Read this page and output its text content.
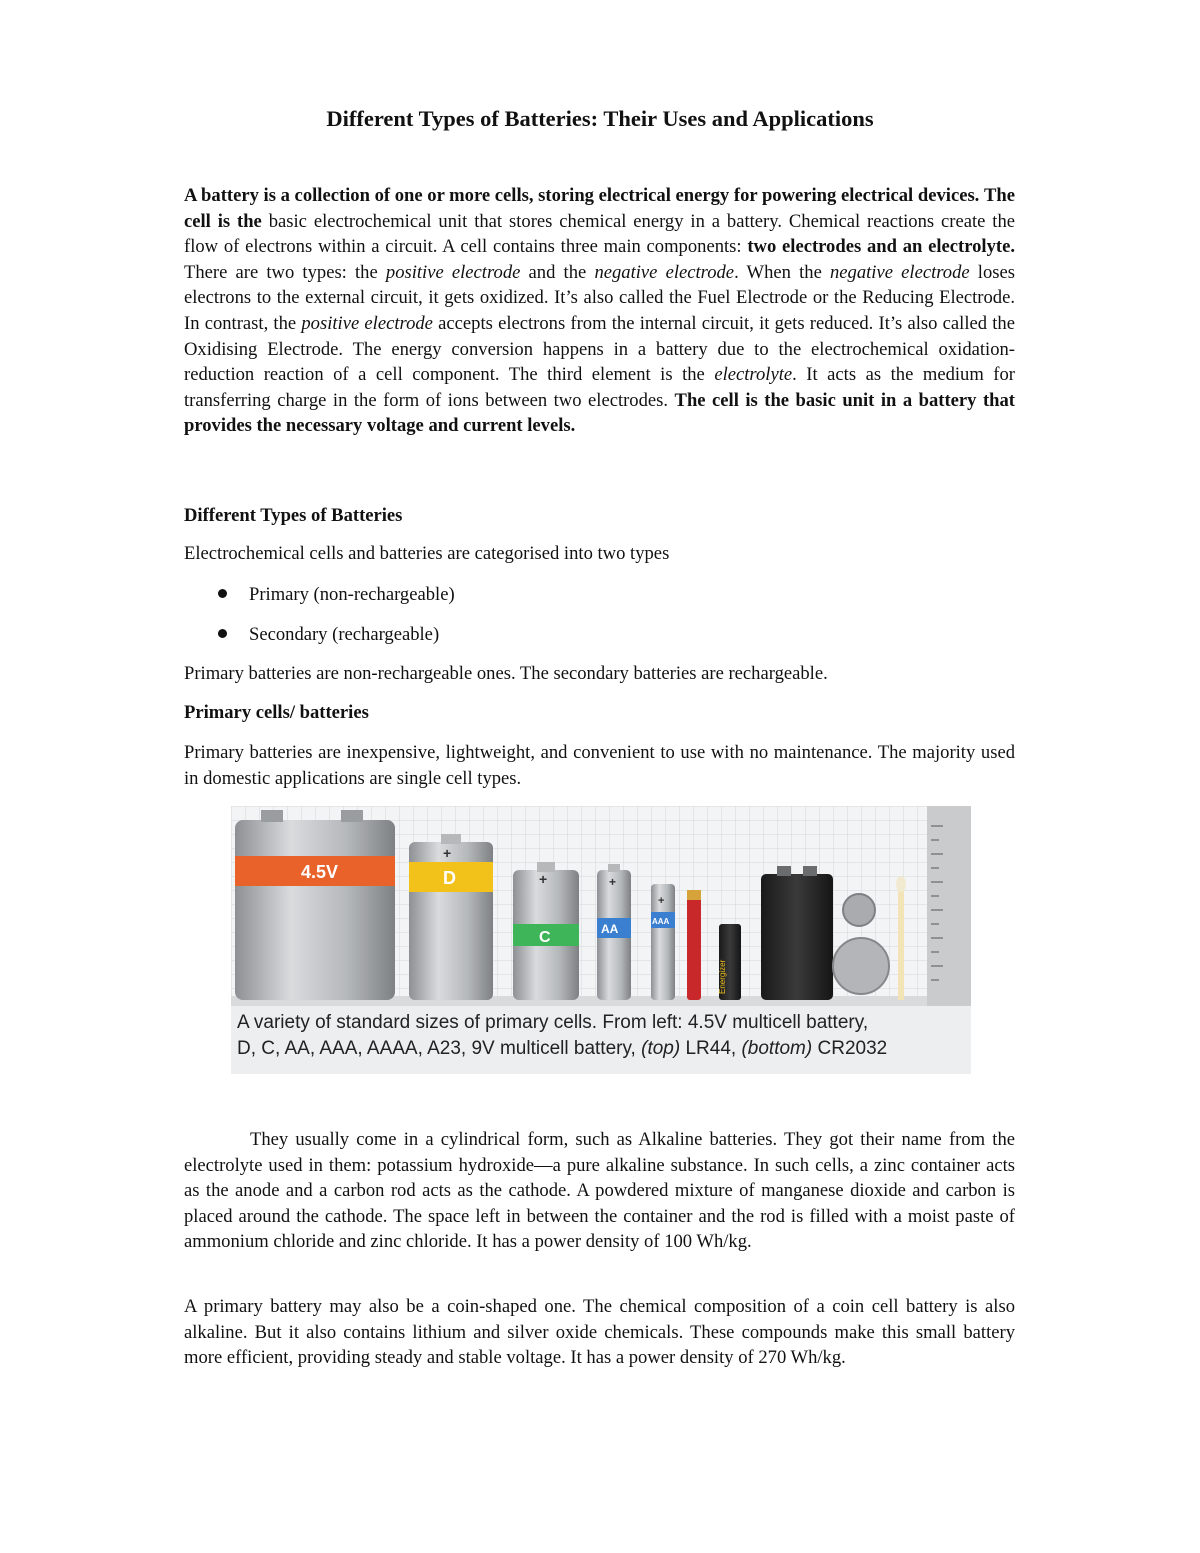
Different Types of Batteries: Their Uses and Applications

A battery is a collection of one or more cells, storing electrical energy for powering electrical devices. The cell is the basic electrochemical unit that stores chemical energy in a battery. Chemical reactions create the flow of electrons within a circuit. A cell contains three main components: two electrodes and an electrolyte. There are two types: the positive electrode and the negative electrode. When the negative electrode loses electrons to the external circuit, it gets oxidized. It’s also called the Fuel Electrode or the Reducing Electrode. In contrast, the positive electrode accepts electrons from the internal circuit, it gets reduced. It’s also called the Oxidising Electrode. The energy conversion happens in a battery due to the electrochemical oxidation-reduction reaction of a cell component. The third element is the electrolyte. It acts as the medium for transferring charge in the form of ions between two electrodes. The cell is the basic unit in a battery that provides the necessary voltage and current levels.

Different Types of Batteries
Electrochemical cells and batteries are categorised into two types
Primary (non-rechargeable)
Secondary (rechargeable)
Primary batteries are non-rechargeable ones. The secondary batteries are rechargeable.
Primary cells/ batteries

Primary batteries are inexpensive, lightweight, and convenient to use with no maintenance. The majority used in domestic applications are single cell types.

4.5V
+
D	+
C
+
AA
+
AAA
Energizer
A variety of standard sizes of primary cells. From left: 4.5V multicell battery,
D, C, AA, AAA, AAAA, A23, 9V multicell battery, (top) LR44, (bottom) CR2032

They usually come in a cylindrical form, such as Alkaline batteries. They got their name from the electrolyte used in them: potassium hydroxide—a pure alkaline substance. In such cells, a zinc container acts as the anode and a carbon rod acts as the cathode. A powdered mixture of manganese dioxide and carbon is placed around the cathode. The space left in between the container and the rod is filled with a moist paste of ammonium chloride and zinc chloride. It has a power density of 100 Wh/kg.

A primary battery may also be a coin-shaped one. The chemical composition of a coin cell battery is also alkaline. But it also contains lithium and silver oxide chemicals. These compounds make this small battery more efficient, providing steady and stable voltage. It has a power density of 270 Wh/kg.
